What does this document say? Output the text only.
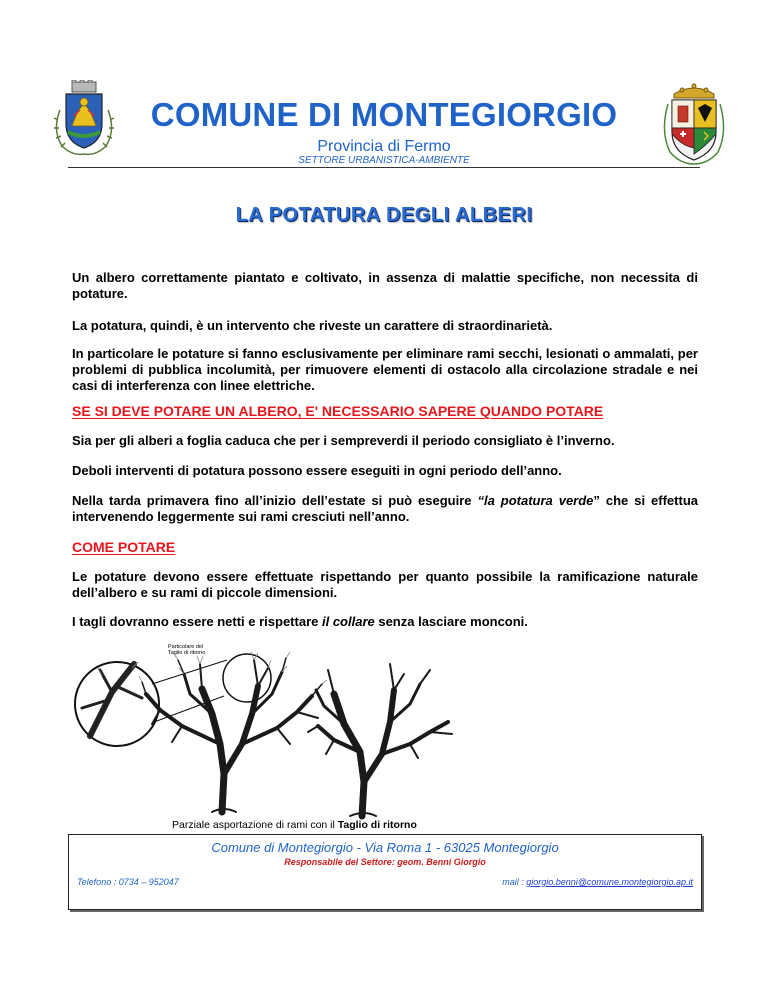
COMUNE DI MONTEGIORGIO
Provincia di Fermo
SETTORE URBANISTICA-AMBIENTE
LA POTATURA DEGLI ALBERI

Un albero correttamente piantato e coltivato, in assenza di malattie specifiche, non necessita di potature.

La potatura, quindi, è un intervento che riveste un carattere di straordinarietà.

In particolare le potature si fanno esclusivamente per eliminare rami secchi, lesionati o ammalati, per problemi di pubblica incolumità, per rimuovere elementi di ostacolo alla circolazione stradale e nei casi di interferenza con linee elettriche.

SE SI DEVE POTARE UN ALBERO, E' NECESSARIO SAPERE QUANDO POTARE

Sia per gli alberi a foglia caduca che per i sempreverdi il periodo consigliato è l’inverno.

Deboli interventi di potatura possono essere eseguiti in ogni periodo dell’anno.

Nella tarda primavera fino all’inizio dell’estate si può eseguire “la potatura verde” che si effettua intervenendo leggermente sui rami cresciuti nell’anno.

COME POTARE

Le potature devono essere effettuate rispettando per quanto possibile la ramificazione naturale dell’albero e su rami di piccole dimensioni.

I tagli dovranno essere netti e rispettare il collare senza lasciare monconi.

Particolare del
Taglio di ritorno
Parziale asportazione di rami con il Taglio di ritorno
Comune di Montegiorgio - Via Roma 1 - 63025 Montegiorgio
Responsabile del Settore: geom. Benni Giorgio
Telefono : 0734 – 952047	mail : giorgio.benni@comune.montegiorgio.ap.it
